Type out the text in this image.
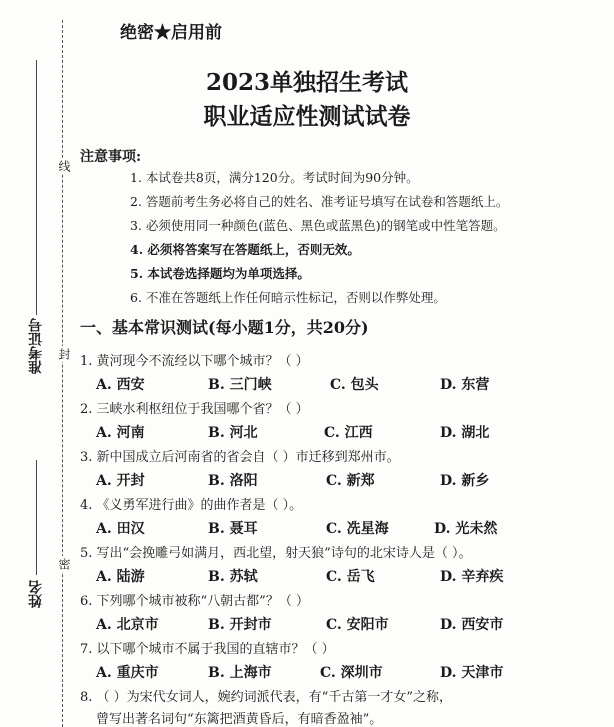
准考证号
姓名
线
封
密
绝密★启用前
2023单独招生考试
职业适应性测试试卷
注意事项:
1. 本试卷共8页，满分120分。考试时间为90分钟。
2. 答题前考生务必将自己的姓名、准考证号填写在试卷和答题纸上。
3. 必须使用同一种颜色(蓝色、黑色或蓝黑色)的钢笔或中性笔答题。
4. 必须将答案写在答题纸上，否则无效。
5. 本试卷选择题均为单项选择。
6. 不准在答题纸上作任何暗示性标记，否则以作弊处理。
一、基本常识测试(每小题1分，共20分)
1. 黄河现今不流经以下哪个城市？（ ）
A. 西安	B. 三门峡	C. 包头	D. 东营
2. 三峡水利枢纽位于我国哪个省？（ ）
A. 河南	B. 河北	C. 江西	D. 湖北
3. 新中国成立后河南省的省会自（ ）市迁移到郑州市。
A. 开封	B. 洛阳	C. 新郑	D. 新乡
4. 《义勇军进行曲》的曲作者是（ ）。
A. 田汉	B. 聂耳	C. 冼星海	D. 光未然
5. 写出“会挽雕弓如满月，西北望，射天狼”诗句的北宋诗人是（ ）。
A. 陆游	B. 苏轼	C. 岳飞	D. 辛弃疾
6. 下列哪个城市被称“八朝古都”？（ ）
A. 北京市	B. 开封市	C. 安阳市	D. 西安市
7. 以下哪个城市不属于我国的直辖市？（ ）
A. 重庆市	B. 上海市	C. 深圳市	D. 天津市
8. （ ）为宋代女词人，婉约词派代表，有“千古第一才女”之称，
曾写出著名词句“东篱把酒黄昏后，有暗香盈袖”。
